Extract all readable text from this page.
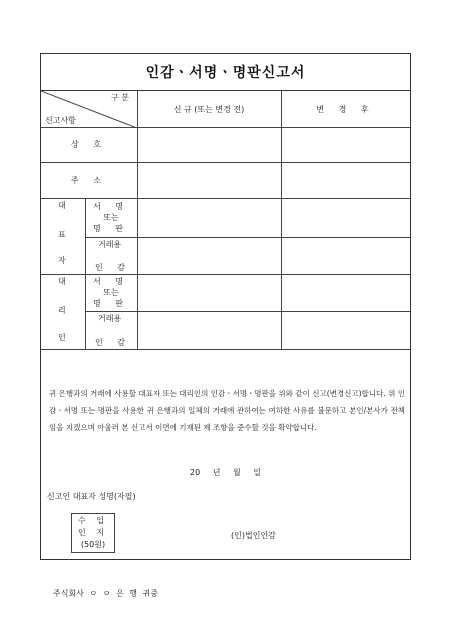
인감ㆍ서명ㆍ명판신고서
구 분
신고사항
신 규 (또는 변경 전)	변 경 후
상 호
주 소
대
표
자
서 명
또는
명 판
거래용
인 감
대
리
인
서 명
또는
명 판
거래용
인 감
귀 은행과의 거래에 사용할 대표자 또는 대리인의 인감ㆍ서명ㆍ명판을 위와 같이 신고(변경신고)합니다. 위 인감ㆍ서명 또는 명판을 사용한 귀 은행과의 일체의 거래에 관하여는 여하한 사유를 불문하고 본인/본사가 전책임을 지겠으며 아울러 본 신고서 이면에 기재된 제 조항을 준수할 것을 확약합니다.
20 년 월 일
신고인 대표자 성명(자필)
수 입
인 지
(50원)
(인)법인인감
주식회사 ㅇ ㅇ 은 행 귀중
